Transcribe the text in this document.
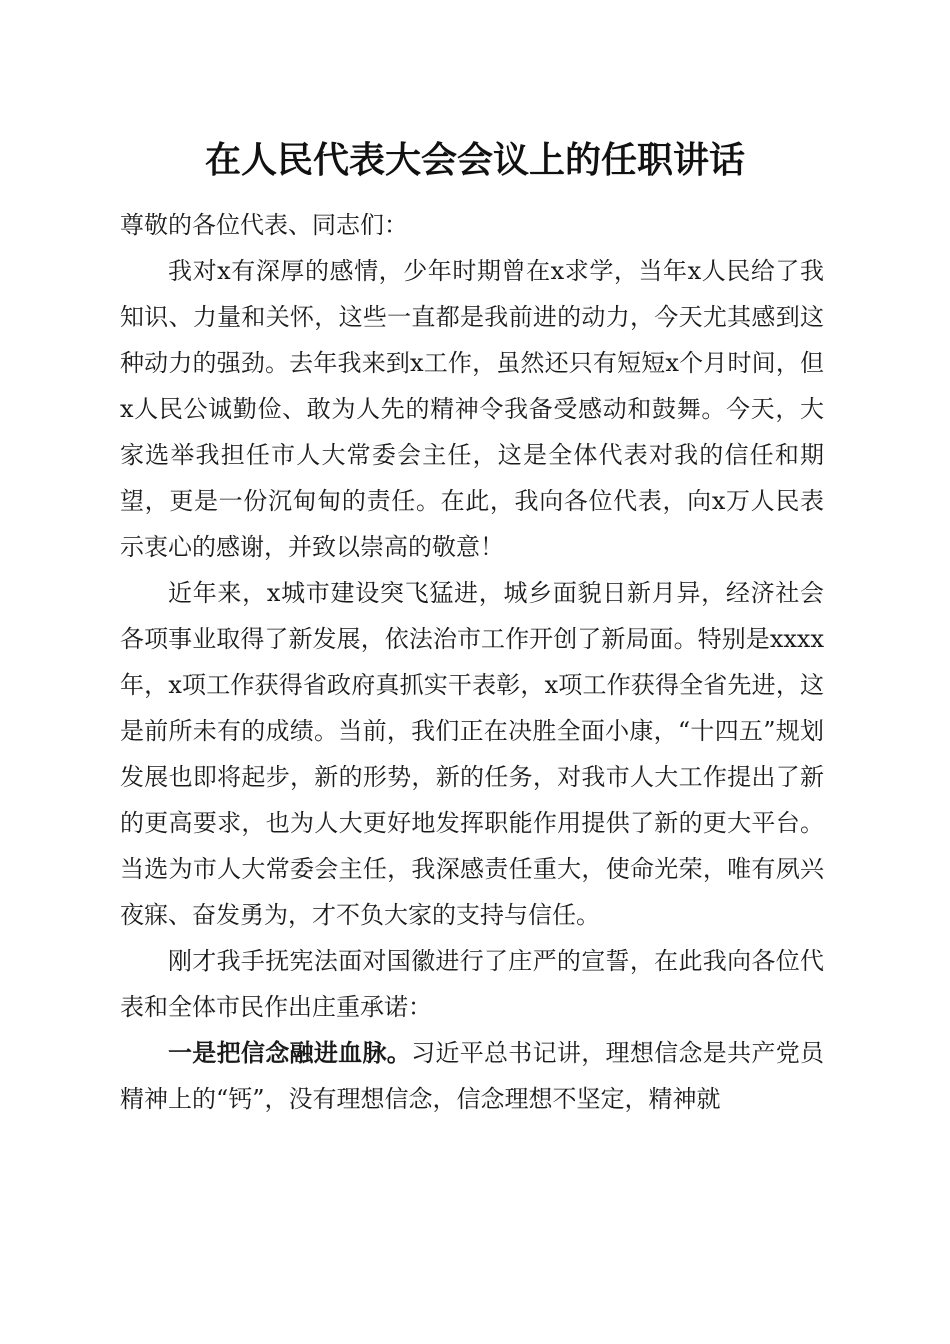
在人民代表大会会议上的任职讲话

尊敬的各位代表、同志们：

我对x有深厚的感情，少年时期曾在x求学，当年x人民给了我知识、力量和关怀，这些一直都是我前进的动力，今天尤其感到这种动力的强劲。去年我来到x工作，虽然还只有短短x个月时间，但x人民公诚勤俭、敢为人先的精神令我备受感动和鼓舞。今天，大家选举我担任市人大常委会主任，这是全体代表对我的信任和期望，更是一份沉甸甸的责任。在此，我向各位代表，向x万人民表示衷心的感谢，并致以崇高的敬意！

近年来，x城市建设突飞猛进，城乡面貌日新月异，经济社会各项事业取得了新发展，依法治市工作开创了新局面。特别是xxxx年，x项工作获得省政府真抓实干表彰，x项工作获得全省先进，这是前所未有的成绩。当前，我们正在决胜全面小康，“十四五”规划发展也即将起步，新的形势，新的任务，对我市人大工作提出了新的更高要求，也为人大更好地发挥职能作用提供了新的更大平台。当选为市人大常委会主任，我深感责任重大，使命光荣，唯有夙兴夜寐、奋发勇为，才不负大家的支持与信任。

刚才我手抚宪法面对国徽进行了庄严的宣誓，在此我向各位代表和全体市民作出庄重承诺：

一是把信念融进血脉。习近平总书记讲，理想信念是共产党员精神上的“钙”，没有理想信念，信念理想不坚定，精神就
